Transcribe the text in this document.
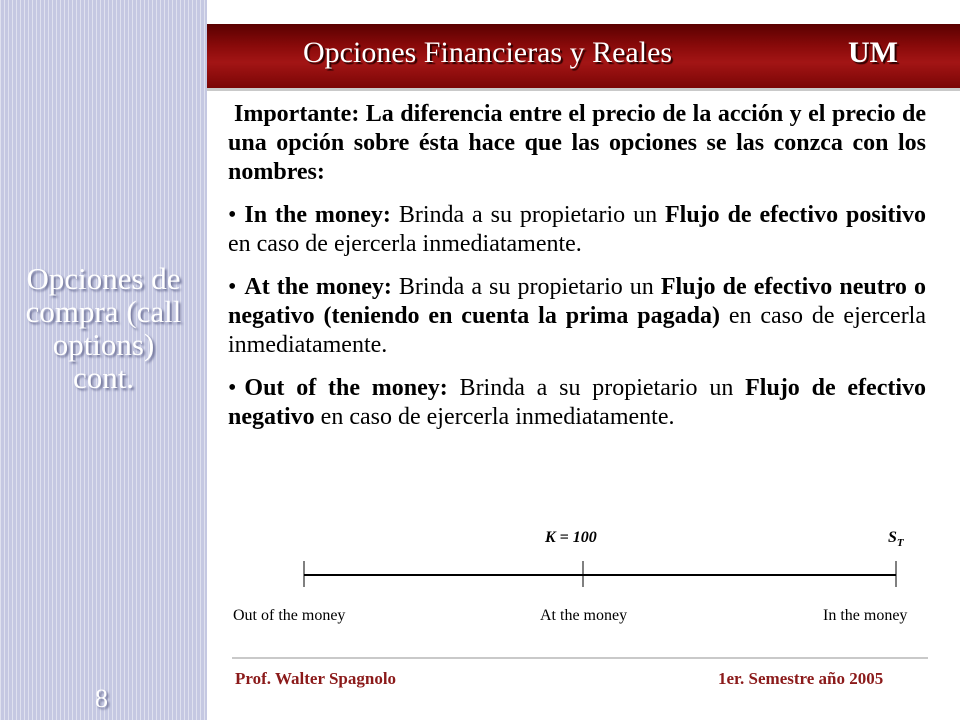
Opciones de
compra (call
options)
cont.
8
Opciones Financieras y Reales	UM

Importante: La diferencia entre el precio de la acción y el precio de una opción sobre ésta hace que las opciones se las conzca con los nombres:

• In the money: Brinda a su propietario un Flujo de efectivo positivo en caso de ejercerla inmediatamente.

• At the money: Brinda a su propietario un Flujo de efectivo neutro o negativo (teniendo en cuenta la prima pagada) en caso de ejercerla inmediatamente.

• Out of the money: Brinda a su propietario un Flujo de efectivo negativo en caso de ejercerla inmediatamente.

K = 100	$S_T$
Out of the money	At the money	In the money
Prof. Walter Spagnolo	1er. Semestre año 2005
